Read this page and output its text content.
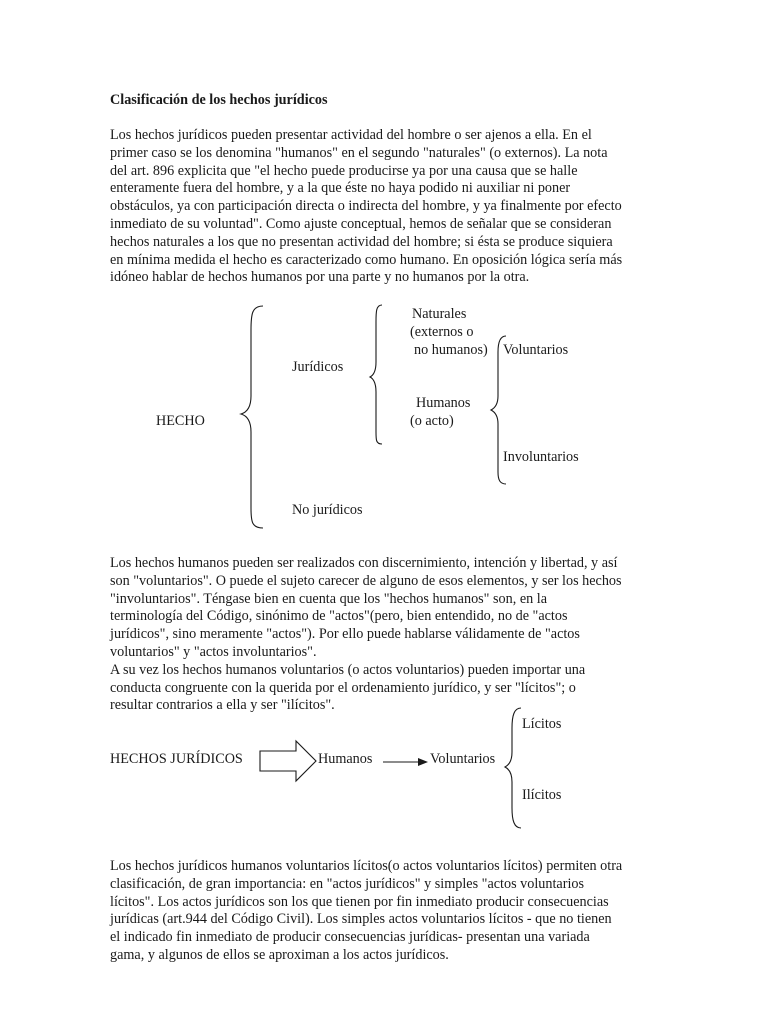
Clasificación de los hechos jurídicos
Los hechos jurídicos pueden presentar actividad del hombre o ser ajenos a ella. En el
primer caso se los denomina "humanos" en el segundo "naturales" (o externos). La nota
del art. 896 explicita que "el hecho puede producirse ya por una causa que se halle
enteramente fuera del hombre, y a la que éste no haya podido ni auxiliar ni poner
obstáculos, ya con participación directa o indirecta del hombre, y ya finalmente por efecto
inmediato de su voluntad". Como ajuste conceptual, hemos de señalar que se consideran
hechos naturales a los que no presentan actividad del hombre; si ésta se produce siquiera
en mínima medida el hecho es caracterizado como humano. En oposición lógica sería más
idóneo hablar de hechos humanos por una parte y no humanos por la otra.
HECHO
Jurídicos
No jurídicos
Naturales
(externos o
no humanos)
Humanos
(o acto)
Voluntarios
Involuntarios
Los hechos humanos pueden ser realizados con discernimiento, intención y libertad, y así
son "voluntarios". O puede el sujeto carecer de alguno de esos elementos, y ser los hechos
"involuntarios". Téngase bien en cuenta que los "hechos humanos" son, en la
terminología del Código, sinónimo de "actos"(pero, bien entendido, no de "actos
jurídicos", sino meramente "actos"). Por ello puede hablarse válidamente de "actos
voluntarios" y "actos involuntarios".
A su vez los hechos humanos voluntarios (o actos voluntarios) pueden importar una
conducta congruente con la querida por el ordenamiento jurídico, y ser "lícitos"; o
resultar contrarios a ella y ser "ilícitos".
HECHOS JURÍDICOS	Humanos	Voluntarios
Lícitos
Ilícitos
Los hechos jurídicos humanos voluntarios lícitos(o actos voluntarios lícitos) permiten otra
clasificación, de gran importancia: en "actos jurídicos" y simples "actos voluntarios
lícitos". Los actos jurídicos son los que tienen por fin inmediato producir consecuencias
jurídicas (art.944 del Código Civil). Los simples actos voluntarios lícitos - que no tienen
el indicado fin inmediato de producir consecuencias jurídicas- presentan una variada
gama, y algunos de ellos se aproximan a los actos jurídicos.
